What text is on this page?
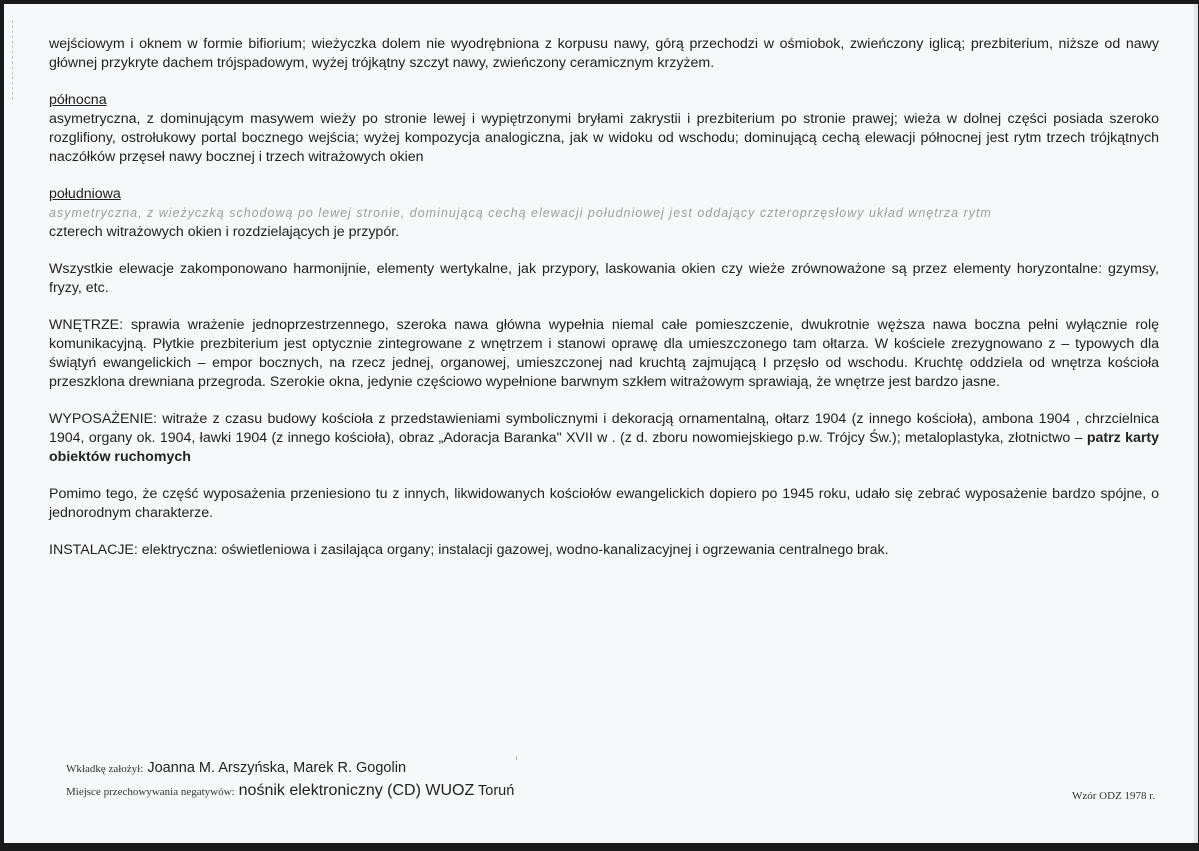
wejściowym i oknem w formie bifiorium; wieżyczka dolem nie wyodrębniona z korpusu nawy, górą przechodzi w ośmiobok, zwieńczony iglicą; prezbiterium, niższe od nawy głównej przykryte dachem trójspadowym, wyżej trójkątny szczyt nawy, zwieńczony ceramicznym krzyżem.

północna

asymetryczna, z dominującym masywem wieży po stronie lewej i wypiętrzonymi bryłami zakrystii i prezbiterium po stronie prawej; wieża w dolnej części posiada szeroko rozglifiony, ostrołukowy portal bocznego wejścia; wyżej kompozycja analogiczna, jak w widoku od wschodu; dominującą cechą elewacji północnej jest rytm trzech trójkątnych naczółków przęseł nawy bocznej i trzech witrażowych okien

południowa

asymetryczna, z wieżyczką schodową po lewej stronie, dominującą cechą elewacji południowej jest oddający czteroprzęsłowy układ wnętrza rytm

czterech witrażowych okien i rozdzielających je przypór.

Wszystkie elewacje zakomponowano harmonijnie, elementy wertykalne, jak przypory, laskowania okien czy wieże zrównoważone są przez elementy horyzontalne: gzymsy, fryzy, etc.

WNĘTRZE: sprawia wrażenie jednoprzestrzennego, szeroka nawa główna wypełnia niemal całe pomieszczenie, dwukrotnie węższa nawa boczna pełni wyłącznie rolę komunikacyjną. Płytkie prezbiterium jest optycznie zintegrowane z wnętrzem i stanowi oprawę dla umieszczonego tam ołtarza. W kościele zrezygnowano z – typowych dla świątyń ewangelickich – empor bocznych, na rzecz jednej, organowej, umieszczonej nad kruchtą zajmującą I przęsło od wschodu. Kruchtę oddziela od wnętrza kościoła przeszklona drewniana przegroda. Szerokie okna, jedynie częściowo wypełnione barwnym szkłem witrażowym sprawiają, że wnętrze jest bardzo jasne.

WYPOSAŻENIE: witraże z czasu budowy kościoła z przedstawieniami symbolicznymi i dekoracją ornamentalną, ołtarz 1904 (z innego kościoła), ambona 1904 , chrzcielnica 1904, organy ok. 1904, ławki 1904 (z innego kościoła), obraz „Adoracja Baranka" XVII w . (z d. zboru nowomiejskiego p.w. Trójcy Św.); metaloplastyka, złotnictwo – patrz karty obiektów ruchomych

Pomimo tego, że część wyposażenia przeniesiono tu z innych, likwidowanych kościołów ewangelickich dopiero po 1945 roku, udało się zebrać wyposażenie bardzo spójne, o jednorodnym charakterze.

INSTALACJE: elektryczna: oświetleniowa i zasilająca organy; instalacji gazowej, wodno-kanalizacyjnej i ogrzewania centralnego brak.

Wkładkę założył: Joanna M. Arszyńska, Marek R. Gogolin
Miejsce przechowywania negatywów: nośnik elektroniczny (CD) WUOZ Toruń	Wzór ODZ 1978 r.
